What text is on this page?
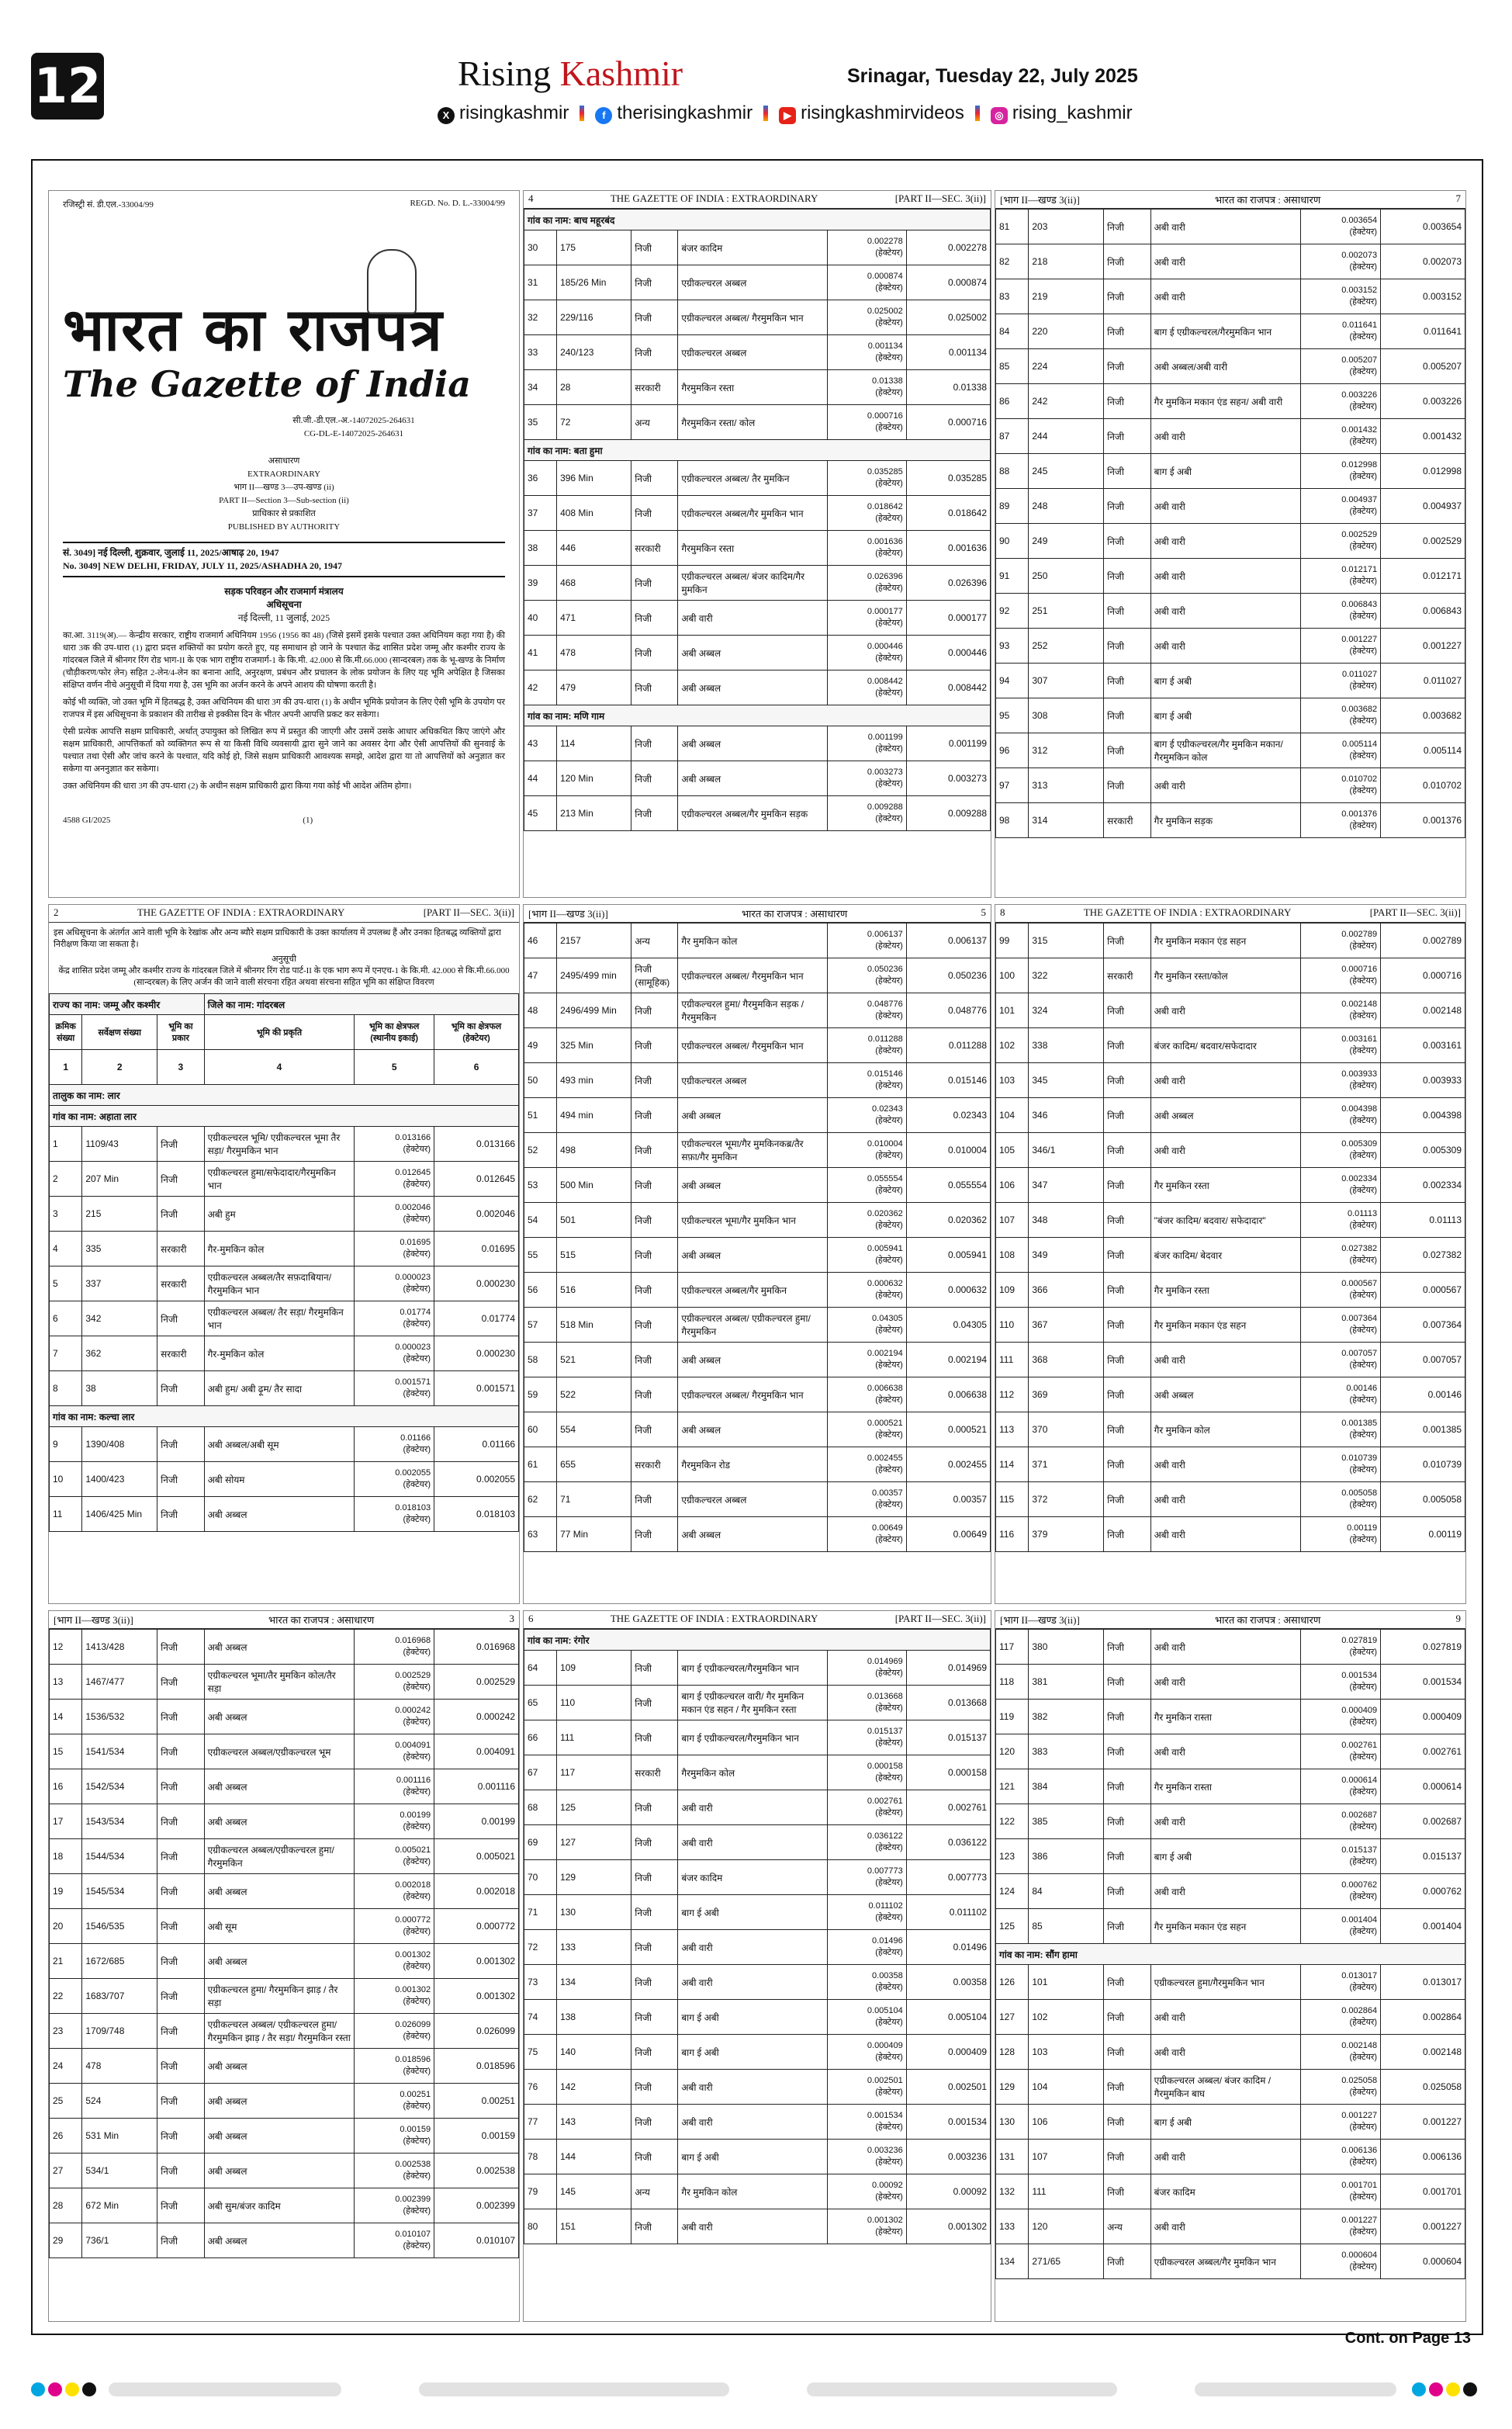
12	Rising Kashmir	Srinagar, Tuesday 22, July 2025
X risingkashmir	f therisingkashmir	▶ risingkashmirvideos	◎ rising_kashmir
रजिस्ट्री सं. डी.एल.-33004/99	REGD. No. D. L.-33004/99
भारत का राजपत्र
The Gazette of India
सी.जी.-डी.एल.-अ.-14072025-264631
CG-DL-E-14072025-264631
असाधारण
EXTRAORDINARY
भाग II—खण्ड 3—उप-खण्ड (ii)
PART II—Section 3—Sub-section (ii)
प्राधिकार से प्रकाशित
PUBLISHED BY AUTHORITY
सं. 3049] नई दिल्ली, शुक्रवार, जुलाई 11, 2025/आषाढ़ 20, 1947
No. 3049] NEW DELHI, FRIDAY, JULY 11, 2025/ASHADHA 20, 1947
सड़क परिवहन और राजमार्ग मंत्रालय
अधिसूचना
नई दिल्ली, 11 जुलाई, 2025

का.आ. 3119(अ).— केन्द्रीय सरकार, राष्ट्रीय राजमार्ग अधिनियम 1956 (1956 का 48) (जिसे इसमें इसके पश्चात उक्त अधिनियम कहा गया है) की धारा 3क की उप-धारा (1) द्वारा प्रदत्त शक्तियों का प्रयोग करते हुए, यह समाधान हो जाने के पश्चात केंद्र शासित प्रदेश जम्मू और कश्मीर राज्य के गांदरबल जिले में श्रीनगर रिंग रोड भाग-II के एक भाग राष्ट्रीय राजमार्ग-1 के कि.मी. 42.000 से कि.मी.66.000 (सान्दरबल) तक के भू-खण्ड के निर्माण (चौड़ीकरण/फोर लेन) सहित 2-लेन/4-लेन का बनाना आदि, अनुरक्षण, प्रबंधन और प्रचालन के लोक प्रयोजन के लिए यह भूमि अपेक्षित है जिसका संक्षिप्त वर्णन नीचे अनुसूची में दिया गया है, उस भूमि का अर्जन करने के अपने आशय की घोषणा करती है।

कोई भी व्यक्ति, जो उक्त भूमि में हितबद्ध है, उक्त अधिनियम की धारा 3ग की उप-धारा (1) के अधीन भूमिके प्रयोजन के लिए ऐसी भूमि के उपयोग पर राजपत्र में इस अधिसूचना के प्रकाशन की तारीख से इक्कीस दिन के भीतर अपनी आपत्ति प्रकट कर सकेगा।

ऐसी प्रत्येक आपत्ति सक्षम प्राधिकारी, अर्थात् उपायुक्त को लिखित रूप में प्रस्तुत की जाएगी और उसमें उसके आधार अधिकथित किए जाएंगे और सक्षम प्राधिकारी, आपत्तिकर्ता को व्यक्तिगत रूप से या किसी विधि व्यवसायी द्वारा सुने जाने का अवसर देगा और ऐसी आपत्तियों की सुनवाई के पश्चात तथा ऐसी और जांच करने के पश्चात, यदि कोई हो, जिसे सक्षम प्राधिकारी आवश्यक समझे, आदेश द्वारा या तो आपत्तियों को अनुज्ञात कर सकेगा या अननुज्ञात कर सकेगा।

उक्त अधिनियम की धारा 3ग की उप-धारा (2) के अधीन सक्षम प्राधिकारी द्वारा किया गया कोई भी आदेश अंतिम होगा।

4588 GI/2025	(1)
4	THE GAZETTE OF INDIA : EXTRAORDINARY	[PART II—SEC. 3(ii)]
गांव का नाम: बाच महूरबंद					
30	175	निजी	बंजर कादिम	0.002278
(हेक्टेयर)	0.002278
31	185/26 Min	निजी	एग्रीकल्चरल अब्बल	0.000874
(हेक्टेयर)	0.000874
32	229/116	निजी	एग्रीकल्चरल अब्बल/ गैरमुमकिन भान	0.025002
(हेक्टेयर)	0.025002
33	240/123	निजी	एग्रीकल्चरल अब्बल	0.001134
(हेक्टेयर)	0.001134
34	28	सरकारी	गैरमुमकिन रस्ता	0.01338
(हेक्टेयर)	0.01338
35	72	अन्य	गैरमुमकिन रस्ता/ कोल	0.000716
(हेक्टेयर)	0.000716
गांव का नाम: बता हुमा					
36	396 Min	निजी	एग्रीकल्चरल अब्बल/ तैर मुमकिन	0.035285
(हेक्टेयर)	0.035285
37	408 Min	निजी	एग्रीकल्चरल अब्बल/गैर मुमकिन भान	0.018642
(हेक्टेयर)	0.018642
38	446	सरकारी	गैरमुमकिन रस्ता	0.001636
(हेक्टेयर)	0.001636
39	468	निजी	एग्रीकल्चरल अब्बल/ बंजर कादिम/गैर मुमकिन	0.026396
(हेक्टेयर)	0.026396
40	471	निजी	अबी वारी	0.000177
(हेक्टेयर)	0.000177
41	478	निजी	अबी अब्बल	0.000446
(हेक्टेयर)	0.000446
42	479	निजी	अबी अब्बल	0.008442
(हेक्टेयर)	0.008442
गांव का नाम: मणि गाम					
43	114	निजी	अबी अब्बल	0.001199
(हेक्टेयर)	0.001199
44	120 Min	निजी	अबी अब्बल	0.003273
(हेक्टेयर)	0.003273
45	213 Min	निजी	एग्रीकल्चरल अब्बल/गैर मुमकिन सड़क	0.009288
(हेक्टेयर)	0.009288
[भाग II—खण्ड 3(ii)]	भारत का राजपत्र : असाधारण	7
81	203	निजी	अबी वारी	0.003654
(हेक्टेयर)	0.003654
82	218	निजी	अबी वारी	0.002073
(हेक्टेयर)	0.002073
83	219	निजी	अबी वारी	0.003152
(हेक्टेयर)	0.003152
84	220	निजी	बाग ई एग्रीकल्चरल/गैरमुमकिन भान	0.011641
(हेक्टेयर)	0.011641
85	224	निजी	अबी अब्बल/अबी वारी	0.005207
(हेक्टेयर)	0.005207
86	242	निजी	गैर मुमकिन मकान एंड सहन/ अबी वारी	0.003226
(हेक्टेयर)	0.003226
87	244	निजी	अबी वारी	0.001432
(हेक्टेयर)	0.001432
88	245	निजी	बाग ई अबी	0.012998
(हेक्टेयर)	0.012998
89	248	निजी	अबी वारी	0.004937
(हेक्टेयर)	0.004937
90	249	निजी	अबी वारी	0.002529
(हेक्टेयर)	0.002529
91	250	निजी	अबी वारी	0.012171
(हेक्टेयर)	0.012171
92	251	निजी	अबी वारी	0.006843
(हेक्टेयर)	0.006843
93	252	निजी	अबी वारी	0.001227
(हेक्टेयर)	0.001227
94	307	निजी	बाग ई अबी	0.011027
(हेक्टेयर)	0.011027
95	308	निजी	बाग ई अबी	0.003682
(हेक्टेयर)	0.003682
96	312	निजी	बाग ई एग्रीकल्चरल/गैर मुमकिन मकान/गैरमुमकिन कोल	0.005114
(हेक्टेयर)	0.005114
97	313	निजी	अबी वारी	0.010702
(हेक्टेयर)	0.010702
98	314	सरकारी	गैर मुमकिन सड़क	0.001376
(हेक्टेयर)	0.001376
2	THE GAZETTE OF INDIA : EXTRAORDINARY	[PART II—SEC. 3(ii)]
इस अधिसूचना के अंतर्गत आने वाली भूमि के रेखांक और अन्य ब्यौरे सक्षम प्राधिकारी के उक्त कार्यालय में उपलब्ध हैं और उनका हितबद्ध व्यक्तियों द्वारा निरीक्षण किया जा सकता है।
अनुसूची
केंद्र शासित प्रदेश जम्मू और कश्मीर राज्य के गांदरबल जिले में श्रीनगर रिंग रोड पार्ट-II के एक भाग रूप में एनएच-1 के कि.मी. 42.000 से कि.मी.66.000 (सान्दरबल) के लिए अर्जन की जाने वाली संरचना रहित अथवा संरचना सहित भूमि का संक्षिप्त विवरण
राज्य का नाम: जम्मू और कश्मीर			जिले का नाम: गांदरबल		
क्रमिक संख्या	सर्वेक्षण संख्या	भूमि का प्रकार	भूमि की प्रकृति	भूमि का क्षेत्रफल (स्थानीय इकाई)	भूमि का क्षेत्रफल (हेक्टेयर)
1	2	3	4	5	6
तालुक का नाम: लार					
गांव का नाम: अहाता लार					
1	1109/43	निजी	एग्रीकल्चरल भूमि/ एग्रीकल्चरल भूमा तैर सड़ा/ गैरमुमकिन भान	0.013166
(हेक्टेयर)	0.013166
2	207 Min	निजी	एग्रीकल्चरल हुमा/सफेदादार/गैरमुमकिन भान	0.012645
(हेक्टेयर)	0.012645
3	215	निजी	अबी हुम	0.002046
(हेक्टेयर)	0.002046
4	335	सरकारी	गैर-मुमकिन कोल	0.01695
(हेक्टेयर)	0.01695
5	337	सरकारी	एग्रीकल्चरल अब्बल/तैर सफ़दाबियान/गैरमुमकिन भान	0.000023
(हेक्टेयर)	0.000230
6	342	निजी	एग्रीकल्चरल अब्बल/ तैर सड़ा/ गैरमुमकिन भान	0.01774
(हेक्टेयर)	0.01774
7	362	सरकारी	गैर-मुमकिन कोल	0.000023
(हेक्टेयर)	0.000230
8	38	निजी	अबी हुम/ अबी ढ़ूम/ तैर सादा	0.001571
(हेक्टेयर)	0.001571
गांव का नाम: कल्चा लार					
9	1390/408	निजी	अबी अब्बल/अबी सूम	0.01166
(हेक्टेयर)	0.01166
10	1400/423	निजी	अबी सोयम	0.002055
(हेक्टेयर)	0.002055
11	1406/425 Min	निजी	अबी अब्बल	0.018103
(हेक्टेयर)	0.018103
[भाग II—खण्ड 3(ii)]	भारत का राजपत्र : असाधारण	5
46	2157	अन्य	गैर मुमकिन कोल	0.006137
(हेक्टेयर)	0.006137
47	2495/499 min	निजी (सामूहिक)	एग्रीकल्चरल अब्बल/ गैरमुमकिन भान	0.050236
(हेक्टेयर)	0.050236
48	2496/499 Min	निजी	एग्रीकल्चरल हुमा/ गैरमुमकिन सड़क / गैरमुमकिन	0.048776
(हेक्टेयर)	0.048776
49	325 Min	निजी	एग्रीकल्चरल अब्बल/ गैरमुमकिन भान	0.011288
(हेक्टेयर)	0.011288
50	493 min	निजी	एग्रीकल्चरल अब्बल	0.015146
(हेक्टेयर)	0.015146
51	494 min	निजी	अबी अब्बल	0.02343
(हेक्टेयर)	0.02343
52	498	निजी	एग्रीकल्चरल भूमा/गैर मुमकिनकब्र/तैर सफ़ा/गैर मुमकिन	0.010004
(हेक्टेयर)	0.010004
53	500 Min	निजी	अबी अब्बल	0.055554
(हेक्टेयर)	0.055554
54	501	निजी	एग्रीकल्चरल भूमा/गैर मुमकिन भान	0.020362
(हेक्टेयर)	0.020362
55	515	निजी	अबी अब्बल	0.005941
(हेक्टेयर)	0.005941
56	516	निजी	एग्रीकल्चरल अब्बल/गैर मुमकिन	0.000632
(हेक्टेयर)	0.000632
57	518 Min	निजी	एग्रीकल्चरल अब्बल/ एग्रीकल्चरल हुमा/ गैरमुमकिन	0.04305
(हेक्टेयर)	0.04305
58	521	निजी	अबी अब्बल	0.002194
(हेक्टेयर)	0.002194
59	522	निजी	एग्रीकल्चरल अब्बल/ गैरमुमकिन भान	0.006638
(हेक्टेयर)	0.006638
60	554	निजी	अबी अब्बल	0.000521
(हेक्टेयर)	0.000521
61	655	सरकारी	गैरमुमकिन रोड	0.002455
(हेक्टेयर)	0.002455
62	71	निजी	एग्रीकल्चरल अब्बल	0.00357
(हेक्टेयर)	0.00357
63	77 Min	निजी	अबी अब्बल	0.00649
(हेक्टेयर)	0.00649
8	THE GAZETTE OF INDIA : EXTRAORDINARY	[PART II—SEC. 3(ii)]
99	315	निजी	गैर मुमकिन मकान एंड सहन	0.002789
(हेक्टेयर)	0.002789
100	322	सरकारी	गैर मुमकिन रस्ता/कोल	0.000716
(हेक्टेयर)	0.000716
101	324	निजी	अबी वारी	0.002148
(हेक्टेयर)	0.002148
102	338	निजी	बंजर कादिम/ बदवार/सफेदादार	0.003161
(हेक्टेयर)	0.003161
103	345	निजी	अबी वारी	0.003933
(हेक्टेयर)	0.003933
104	346	निजी	अबी अब्बल	0.004398
(हेक्टेयर)	0.004398
105	346/1	निजी	अबी वारी	0.005309
(हेक्टेयर)	0.005309
106	347	निजी	गैर मुमकिन रस्ता	0.002334
(हेक्टेयर)	0.002334
107	348	निजी	"बंजर कादिम/ बदवार/ सफेदादार"	0.01113
(हेक्टेयर)	0.01113
108	349	निजी	बंजर कादिम/ बेदवार	0.027382
(हेक्टेयर)	0.027382
109	366	निजी	गैर मुमकिन रस्ता	0.000567
(हेक्टेयर)	0.000567
110	367	निजी	गैर मुमकिन मकान एंड सहन	0.007364
(हेक्टेयर)	0.007364
111	368	निजी	अबी वारी	0.007057
(हेक्टेयर)	0.007057
112	369	निजी	अबी अब्बल	0.00146
(हेक्टेयर)	0.00146
113	370	निजी	गैर मुमकिन कोल	0.001385
(हेक्टेयर)	0.001385
114	371	निजी	अबी वारी	0.010739
(हेक्टेयर)	0.010739
115	372	निजी	अबी वारी	0.005058
(हेक्टेयर)	0.005058
116	379	निजी	अबी वारी	0.00119
(हेक्टेयर)	0.00119
[भाग II—खण्ड 3(ii)]	भारत का राजपत्र : असाधारण	3
12	1413/428	निजी	अबी अब्बल	0.016968
(हेक्टेयर)	0.016968
13	1467/477	निजी	एग्रीकल्चरल भूमा/तैर मुमकिन कोल/तैर सड़ा	0.002529
(हेक्टेयर)	0.002529
14	1536/532	निजी	अबी अब्बल	0.000242
(हेक्टेयर)	0.000242
15	1541/534	निजी	एग्रीकल्चरल अब्बल/एग्रीकल्चरल भूम	0.004091
(हेक्टेयर)	0.004091
16	1542/534	निजी	अबी अब्बल	0.001116
(हेक्टेयर)	0.001116
17	1543/534	निजी	अबी अब्बल	0.00199
(हेक्टेयर)	0.00199
18	1544/534	निजी	एग्रीकल्चरल अब्बल/एग्रीकल्चरल हुमा/गैरमुमकिन	0.005021
(हेक्टेयर)	0.005021
19	1545/534	निजी	अबी अब्बल	0.002018
(हेक्टेयर)	0.002018
20	1546/535	निजी	अबी सूम	0.000772
(हेक्टेयर)	0.000772
21	1672/685	निजी	अबी अब्बल	0.001302
(हेक्टेयर)	0.001302
22	1683/707	निजी	एग्रीकल्चरल हुमा/ गैरमुमकिन झाड़ / तैर सड़ा	0.001302
(हेक्टेयर)	0.001302
23	1709/748	निजी	एग्रीकल्चरल अब्बल/ एग्रीकल्चरल हुमा/ गैरमुमकिन झाड़ / तैर सड़ा/ गैरमुमकिन रस्ता	0.026099
(हेक्टेयर)	0.026099
24	478	निजी	अबी अब्बल	0.018596
(हेक्टेयर)	0.018596
25	524	निजी	अबी अब्बल	0.00251
(हेक्टेयर)	0.00251
26	531 Min	निजी	अबी अब्बल	0.00159
(हेक्टेयर)	0.00159
27	534/1	निजी	अबी अब्बल	0.002538
(हेक्टेयर)	0.002538
28	672 Min	निजी	अबी सुम/बंजर कादिम	0.002399
(हेक्टेयर)	0.002399
29	736/1	निजी	अबी अब्बल	0.010107
(हेक्टेयर)	0.010107
6	THE GAZETTE OF INDIA : EXTRAORDINARY	[PART II—SEC. 3(ii)]
गांव का नाम: रंगोर					
64	109	निजी	बाग ई एग्रीकल्चरल/गैरमुमकिन भान	0.014969
(हेक्टेयर)	0.014969
65	110	निजी	बाग ई एग्रीकल्चरल वारी/ गैर मुमकिन मकान एंड सहन / गैर मुमकिन रस्ता	0.013668
(हेक्टेयर)	0.013668
66	111	निजी	बाग ई एग्रीकल्चरल/गैरमुमकिन भान	0.015137
(हेक्टेयर)	0.015137
67	117	सरकारी	गैरमुमकिन कोल	0.000158
(हेक्टेयर)	0.000158
68	125	निजी	अबी वारी	0.002761
(हेक्टेयर)	0.002761
69	127	निजी	अबी वारी	0.036122
(हेक्टेयर)	0.036122
70	129	निजी	बंजर कादिम	0.007773
(हेक्टेयर)	0.007773
71	130	निजी	बाग ई अबी	0.011102
(हेक्टेयर)	0.011102
72	133	निजी	अबी वारी	0.01496
(हेक्टेयर)	0.01496
73	134	निजी	अबी वारी	0.00358
(हेक्टेयर)	0.00358
74	138	निजी	बाग ई अबी	0.005104
(हेक्टेयर)	0.005104
75	140	निजी	बाग ई अबी	0.000409
(हेक्टेयर)	0.000409
76	142	निजी	अबी वारी	0.002501
(हेक्टेयर)	0.002501
77	143	निजी	अबी वारी	0.001534
(हेक्टेयर)	0.001534
78	144	निजी	बाग ई अबी	0.003236
(हेक्टेयर)	0.003236
79	145	अन्य	गैर मुमकिन कोल	0.00092
(हेक्टेयर)	0.00092
80	151	निजी	अबी वारी	0.001302
(हेक्टेयर)	0.001302
[भाग II—खण्ड 3(ii)]	भारत का राजपत्र : असाधारण	9
117	380	निजी	अबी वारी	0.027819
(हेक्टेयर)	0.027819
118	381	निजी	अबी वारी	0.001534
(हेक्टेयर)	0.001534
119	382	निजी	गैर मुमकिन रास्ता	0.000409
(हेक्टेयर)	0.000409
120	383	निजी	अबी वारी	0.002761
(हेक्टेयर)	0.002761
121	384	निजी	गैर मुमकिन रास्ता	0.000614
(हेक्टेयर)	0.000614
122	385	निजी	अबी वारी	0.002687
(हेक्टेयर)	0.002687
123	386	निजी	बाग ई अबी	0.015137
(हेक्टेयर)	0.015137
124	84	निजी	अबी वारी	0.000762
(हेक्टेयर)	0.000762
125	85	निजी	गैर मुमकिन मकान एंड सहन	0.001404
(हेक्टेयर)	0.001404
गांव का नाम: सौंग हामा					
126	101	निजी	एग्रीकल्चरल हुमा/गैरमुमकिन भान	0.013017
(हेक्टेयर)	0.013017
127	102	निजी	अबी वारी	0.002864
(हेक्टेयर)	0.002864
128	103	निजी	अबी वारी	0.002148
(हेक्टेयर)	0.002148
129	104	निजी	एग्रीकल्चरल अब्बल/ बंजर कादिम / गैरमुमकिन बाघ	0.025058
(हेक्टेयर)	0.025058
130	106	निजी	बाग ई अबी	0.001227
(हेक्टेयर)	0.001227
131	107	निजी	अबी वारी	0.006136
(हेक्टेयर)	0.006136
132	111	निजी	बंजर कादिम	0.001701
(हेक्टेयर)	0.001701
133	120	अन्य	अबी वारी	0.001227
(हेक्टेयर)	0.001227
134	271/65	निजी	एग्रीकल्चरल अब्बल/गैर मुमकिन भान	0.000604
(हेक्टेयर)	0.000604
Cont. on Page 13
